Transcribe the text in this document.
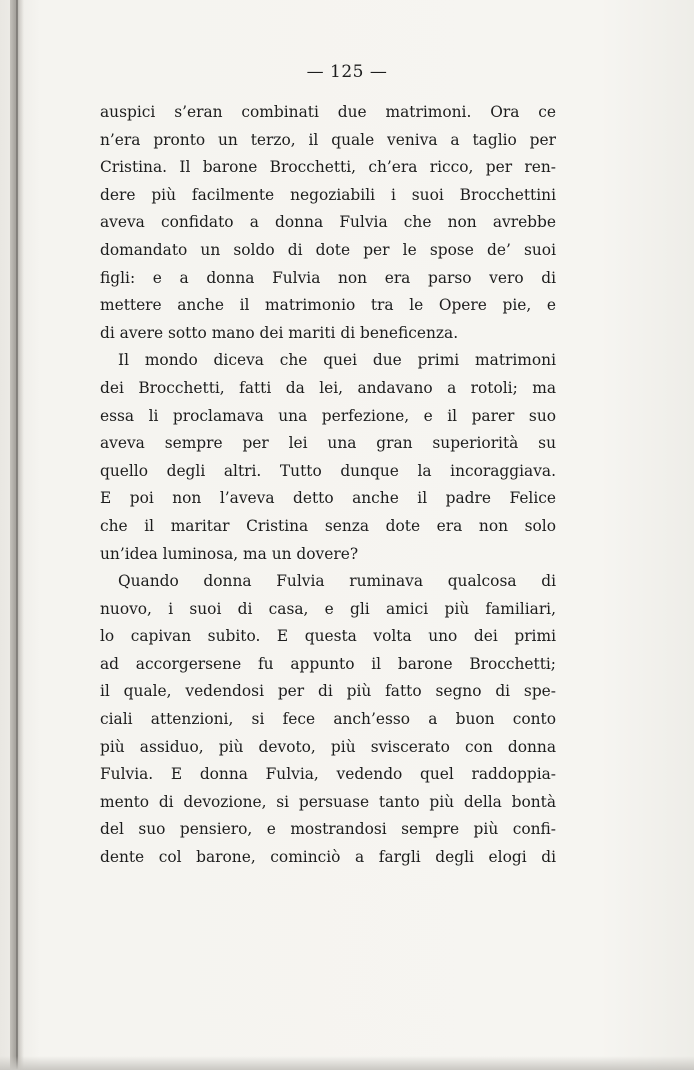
— 125 —
auspici s’eran combinati due matrimoni. Ora ce
n’era pronto un terzo, il quale veniva a taglio per
Cristina. Il barone Brocchetti, ch’era ricco, per ren-
dere più facilmente negoziabili i suoi Brocchettini
aveva confidato a donna Fulvia che non avrebbe
domandato un soldo di dote per le spose de’ suoi
figli: e a donna Fulvia non era parso vero di
mettere anche il matrimonio tra le Opere pie, e
di avere sotto mano dei mariti di beneficenza.
Il mondo diceva che quei due primi matrimoni
dei Brocchetti, fatti da lei, andavano a rotoli; ma
essa li proclamava una perfezione, e il parer suo
aveva sempre per lei una gran superiorità su
quello degli altri. Tutto dunque la incoraggiava.
E poi non l’aveva detto anche il padre Felice
che il maritar Cristina senza dote era non solo
un’idea luminosa, ma un dovere?
Quando donna Fulvia ruminava qualcosa di
nuovo, i suoi di casa, e gli amici più familiari,
lo capivan subito. E questa volta uno dei primi
ad accorgersene fu appunto il barone Brocchetti;
il quale, vedendosi per di più fatto segno di spe-
ciali attenzioni, si fece anch’esso a buon conto
più assiduo, più devoto, più sviscerato con donna
Fulvia. E donna Fulvia, vedendo quel raddoppia-
mento di devozione, si persuase tanto più della bontà
del suo pensiero, e mostrandosi sempre più confi-
dente col barone, cominciò a fargli degli elogi di
